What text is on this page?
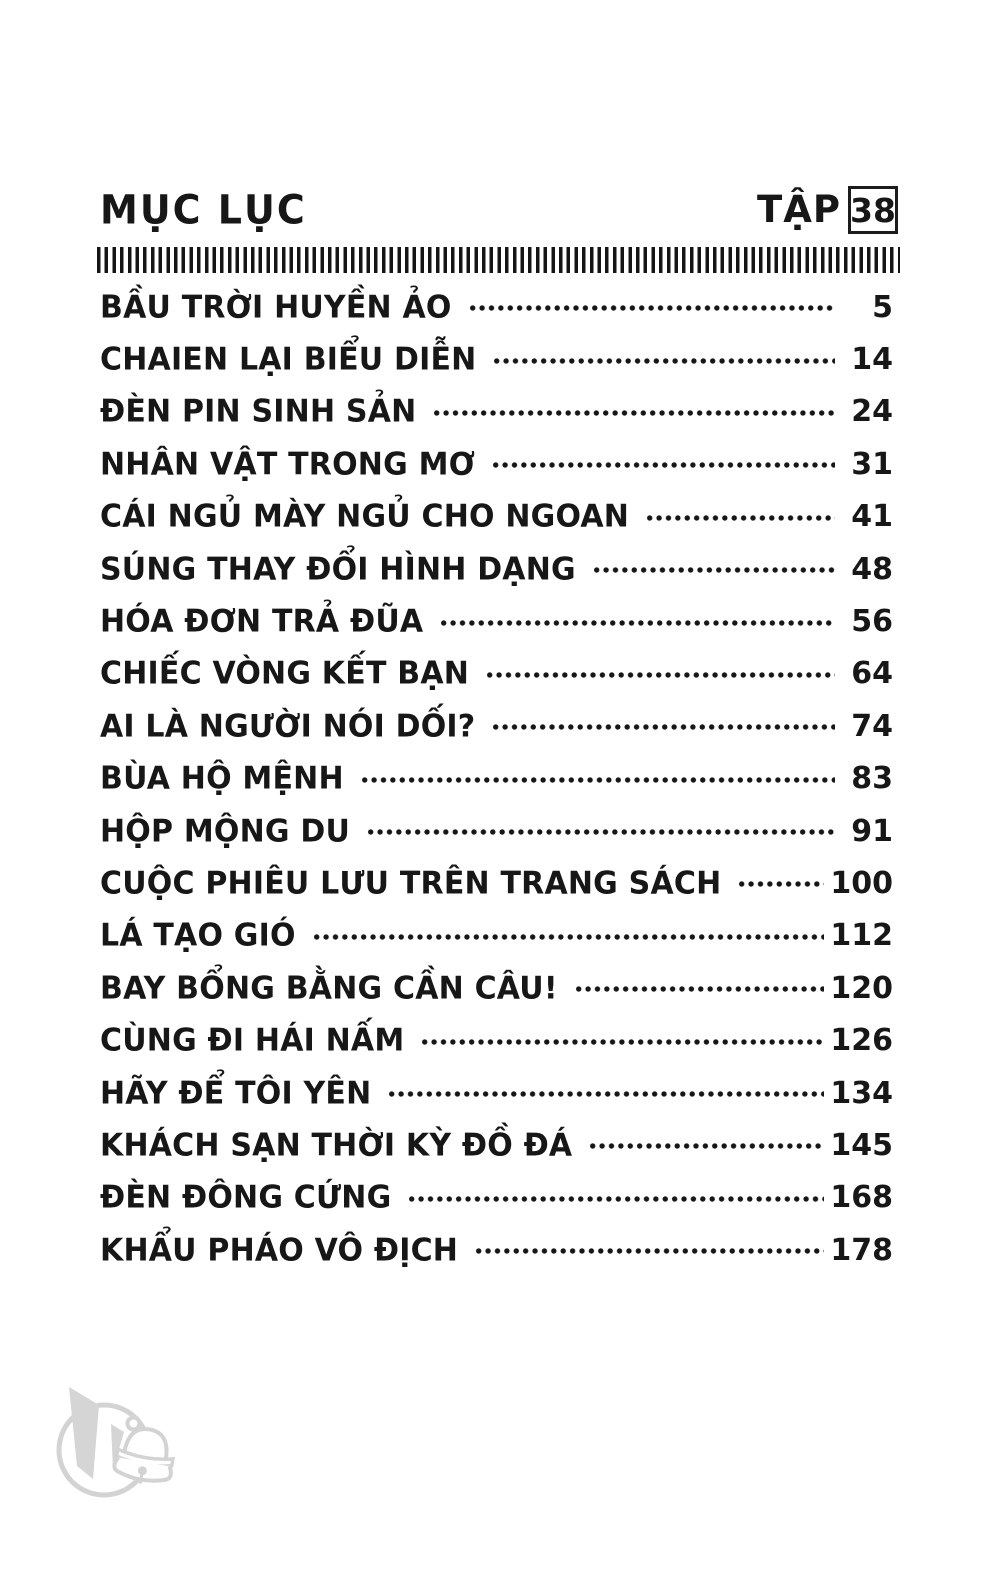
MỤC LỤC	TẬP 38
BẦU TRỜI HUYỀN ẢO	5
CHAIEN LẠI BIỂU DIỄN	14
ĐÈN PIN SINH SẢN	24
NHÂN VẬT TRONG MƠ	31
CÁI NGỦ MÀY NGỦ CHO NGOAN	41
SÚNG THAY ĐỔI HÌNH DẠNG	48
HÓA ĐƠN TRẢ ĐŨA	56
CHIẾC VÒNG KẾT BẠN	64
AI LÀ NGƯỜI NÓI DỐI?	74
BÙA HỘ MỆNH	83
HỘP MỘNG DU	91
CUỘC PHIÊU LƯU TRÊN TRANG SÁCH	100
LÁ TẠO GIÓ	112
BAY BỔNG BẰNG CẦN CÂU!	120
CÙNG ĐI HÁI NẤM	126
HÃY ĐỂ TÔI YÊN	134
KHÁCH SẠN THỜI KỲ ĐỒ ĐÁ	145
ĐÈN ĐÔNG CỨNG	168
KHẨU PHÁO VÔ ĐỊCH	178
